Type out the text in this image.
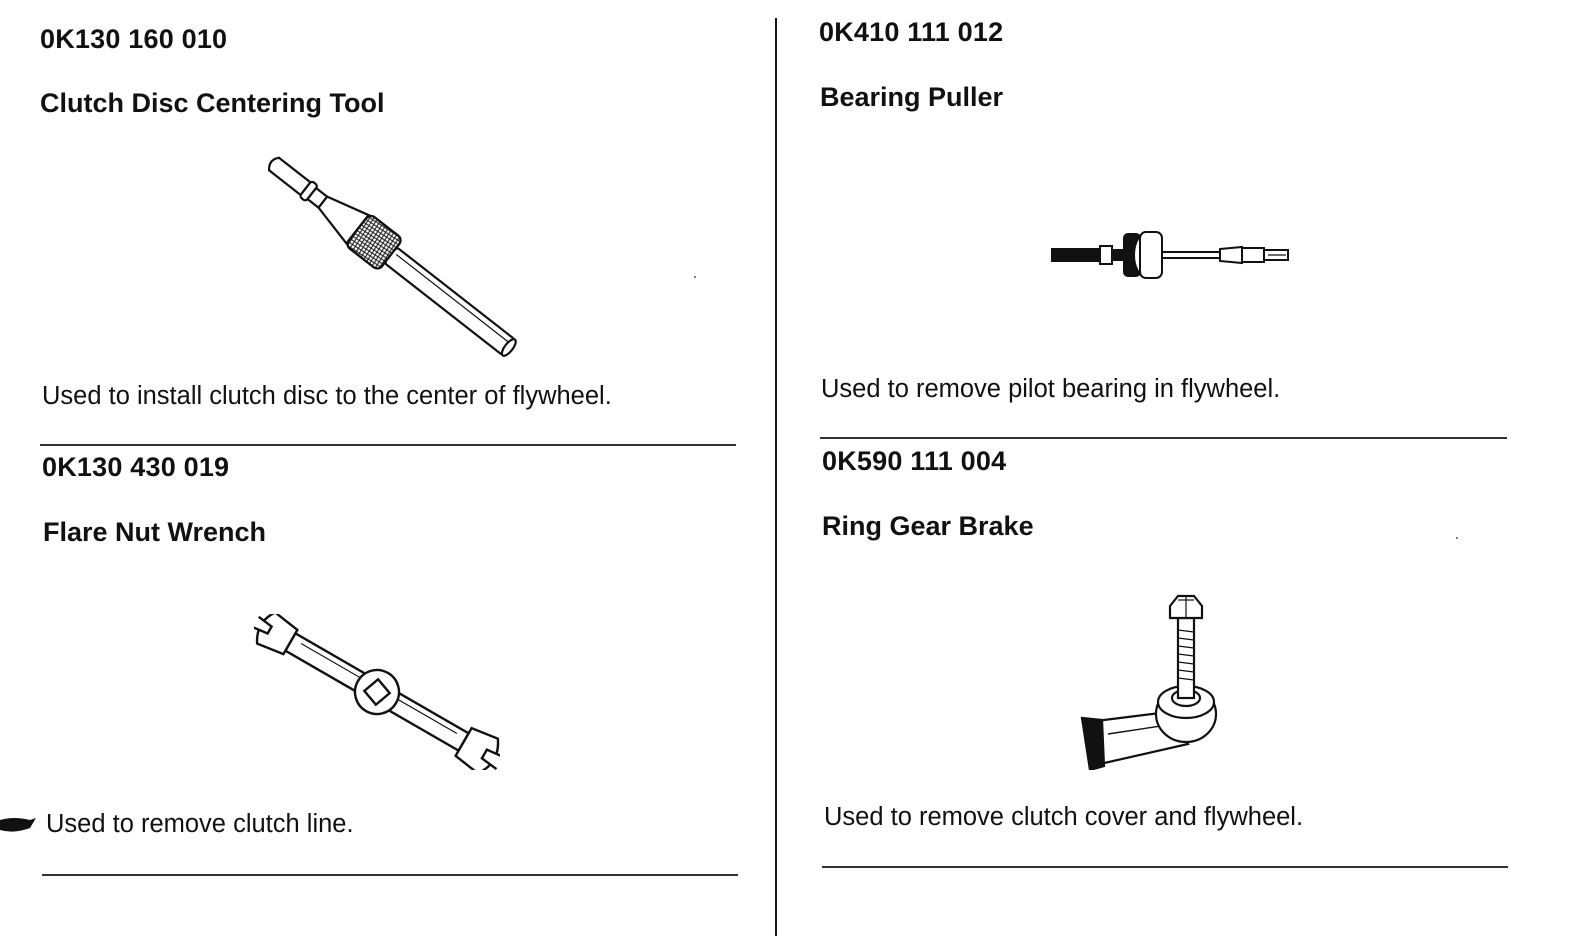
0K130 160 010
Clutch Disc Centering Tool
Used to install clutch disc to the center of flywheel.
0K130 430 019
Flare Nut Wrench
Used to remove clutch line.
0K410 111 012
Bearing Puller
Used to remove pilot bearing in flywheel.
0K590 111 004
Ring Gear Brake
Used to remove clutch cover and flywheel.
